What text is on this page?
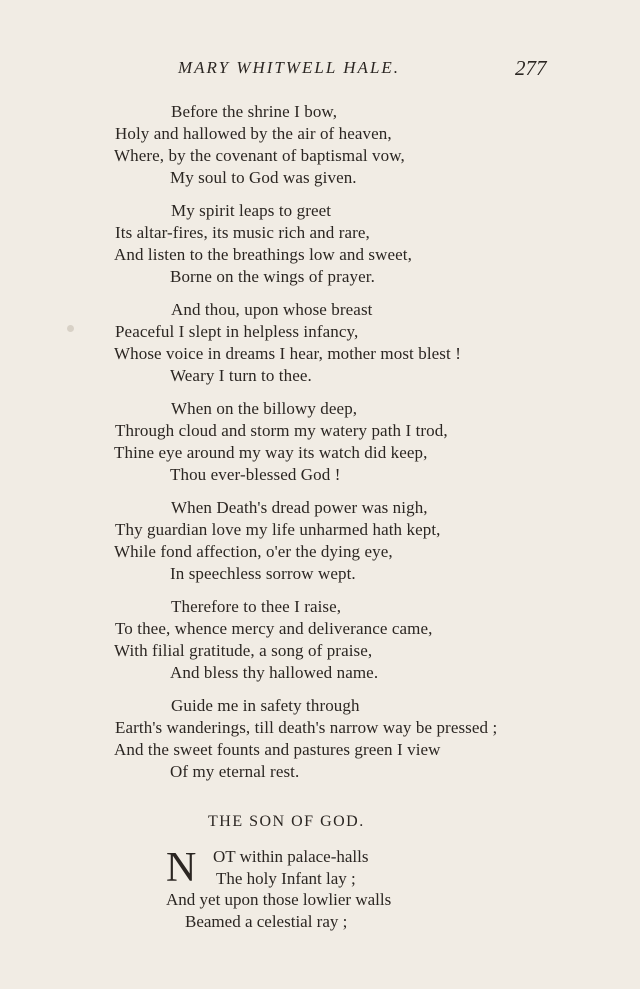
MARY WHITWELL HALE.	277
Before the shrine I bow,
Holy and hallowed by the air of heaven,
Where, by the covenant of baptismal vow,
My soul to God was given.
My spirit leaps to greet
Its altar-fires, its music rich and rare,
And listen to the breathings low and sweet,
Borne on the wings of prayer.
And thou, upon whose breast
Peaceful I slept in helpless infancy,
Whose voice in dreams I hear, mother most blest !
Weary I turn to thee.
When on the billowy deep,
Through cloud and storm my watery path I trod,
Thine eye around my way its watch did keep,
Thou ever-blessed God !
When Death's dread power was nigh,
Thy guardian love my life unharmed hath kept,
While fond affection, o'er the dying eye,
In speechless sorrow wept.
Therefore to thee I raise,
To thee, whence mercy and deliverance came,
With filial gratitude, a song of praise,
And bless thy hallowed name.
Guide me in safety through
Earth's wanderings, till death's narrow way be pressed ;
And the sweet founts and pastures green I view
Of my eternal rest.
THE SON OF GOD.
N OT within palace-halls
The holy Infant lay ;
And yet upon those lowlier walls
Beamed a celestial ray ;
